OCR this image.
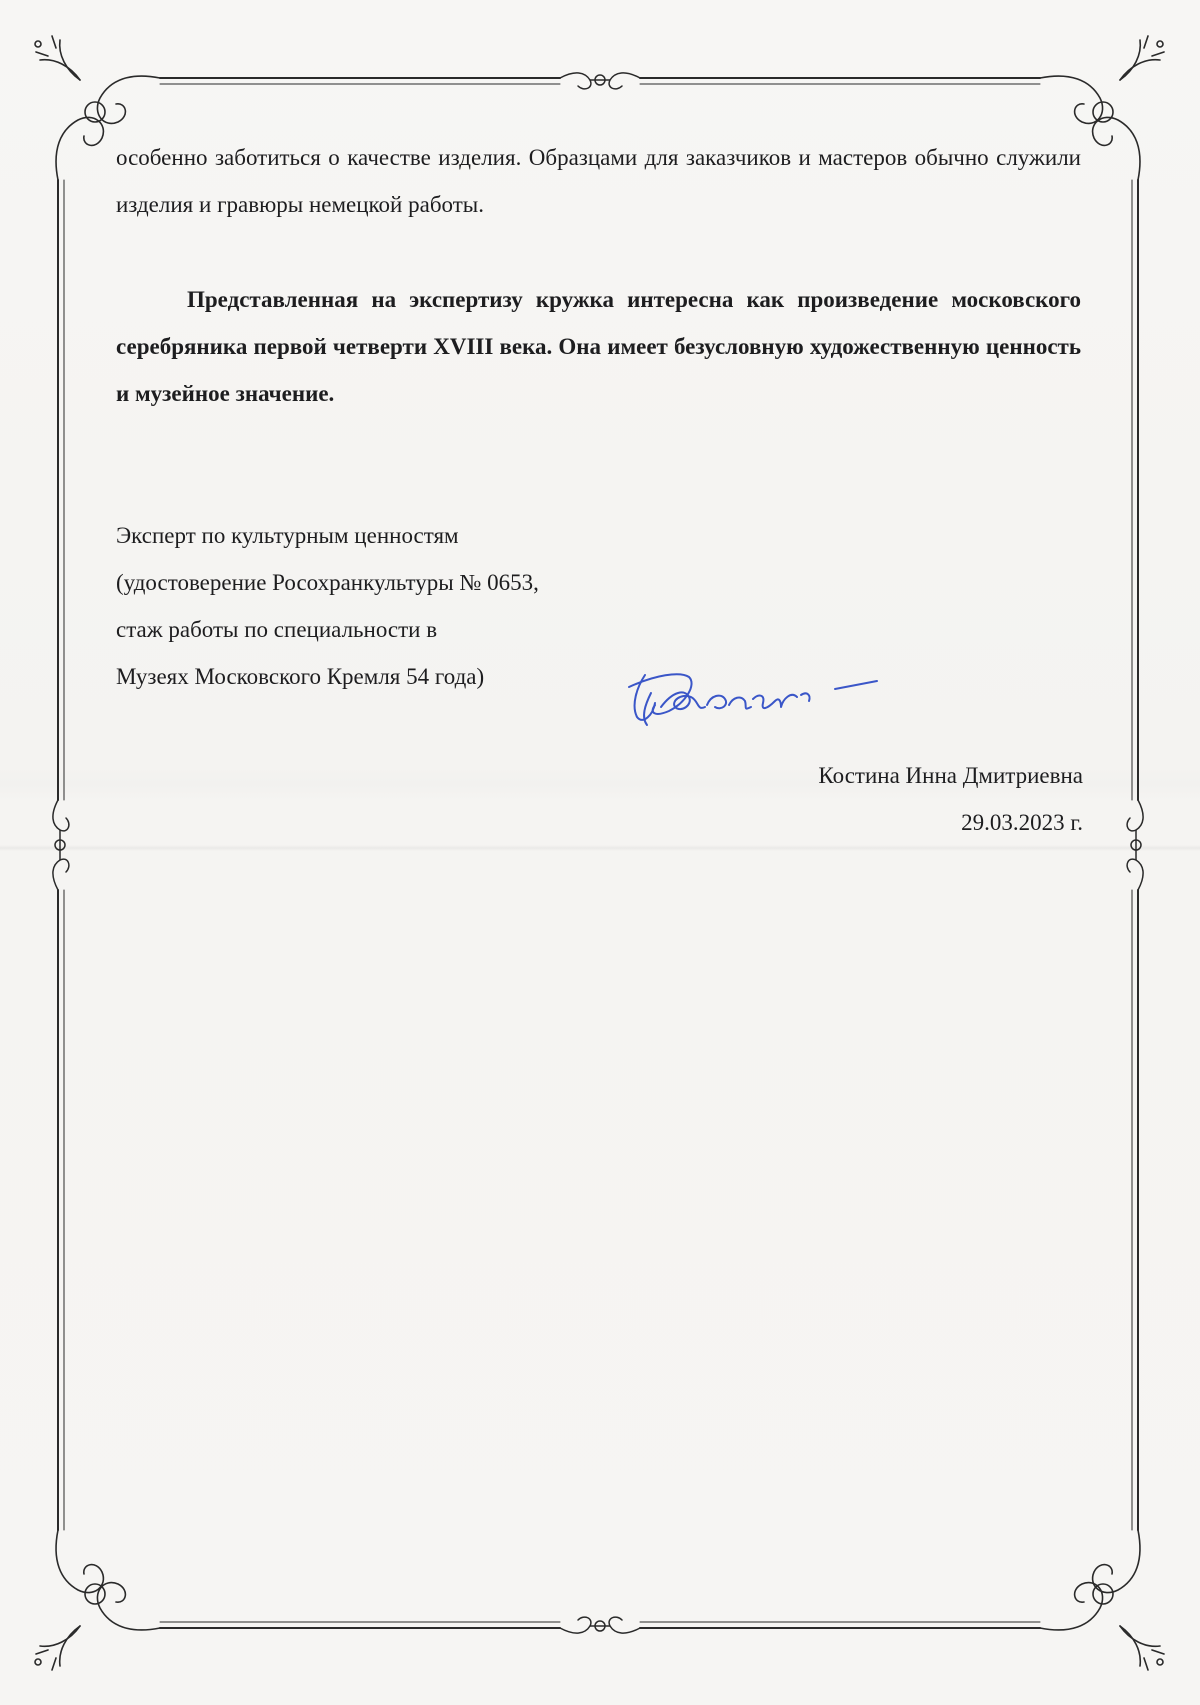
особенно заботиться о качестве изделия. Образцами для заказчиков и мастеров обычно служили изделия и гравюры немецкой работы.
Представленная на экспертизу кружка интересна как произведение московского серебряника первой четверти XVIII века. Она имеет безусловную художественную ценность и музейное значение.
Эксперт по культурным ценностям
(удостоверение Росохранкультуры № 0653,
стаж работы по специальности в
Музеях Московского Кремля 54 года)
Костина Инна Дмитриевна
29.03.2023 г.
